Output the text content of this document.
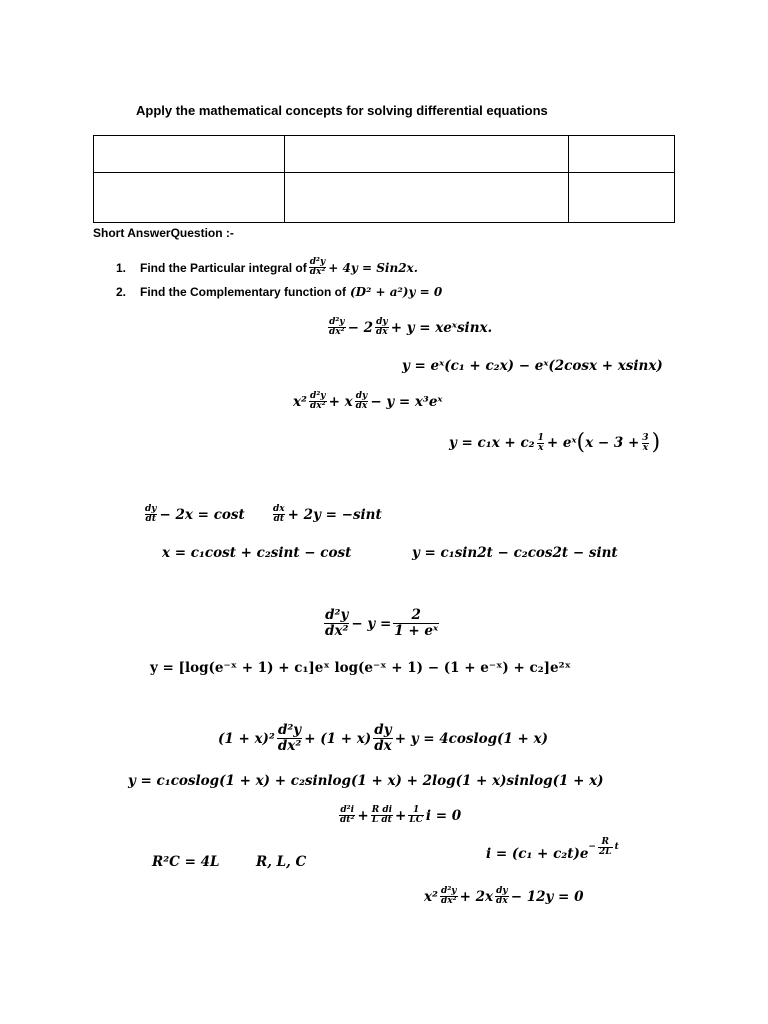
Apply the mathematical concepts for solving differential equations

Short AnswerQuestion :-
1.	Find the Particular integral of d²y
dx² + 4y = Sin2x.
2.	Find the Complementary function of (D² + a²)y = 0
d²y
dx² − 2 dy
dx + y = xeˣsinx.
y = eˣ(c₁ + c₂x) − eˣ(2cosx + xsinx)
x² d²y
dx² + x dy
dx − y = x³eˣ
y = c₁x + c₂ 1
x + eˣ ( $x - 3 + \frac{3}{x}$ )
dy
dt − 2x = cost	dx
dt + 2y = −sint
x = c₁cost + c₂sint − cost	y = c₁sin2t − c₂cos2t − sint
d²y
$dx^2 - y = \frac{2}{\text{1 + eˣ}}$
y = [log(e⁻ˣ + 1) + c₁]eˣ log(e⁻ˣ + 1) − (1 + e⁻ˣ) + c₂]e²ˣ
(1 + x)²
d²y
dx² + (1 + x)
dy
dx + y = 4coslog(1 + x)
y = c₁coslog(1 + x) + c₂sinlog(1 + x) + 2log(1 + x)sinlog(1 + x)
d²i
$dt^2 + \frac{\text{R di}}{\text{L dt}} + \frac{1}{LC}$ i = 0
R²C = 4L	R, L, C	i = (c₁ + c₂t)e −
R
2L t
x² d²y
dx² + 2x dy
dx − 12y = 0
